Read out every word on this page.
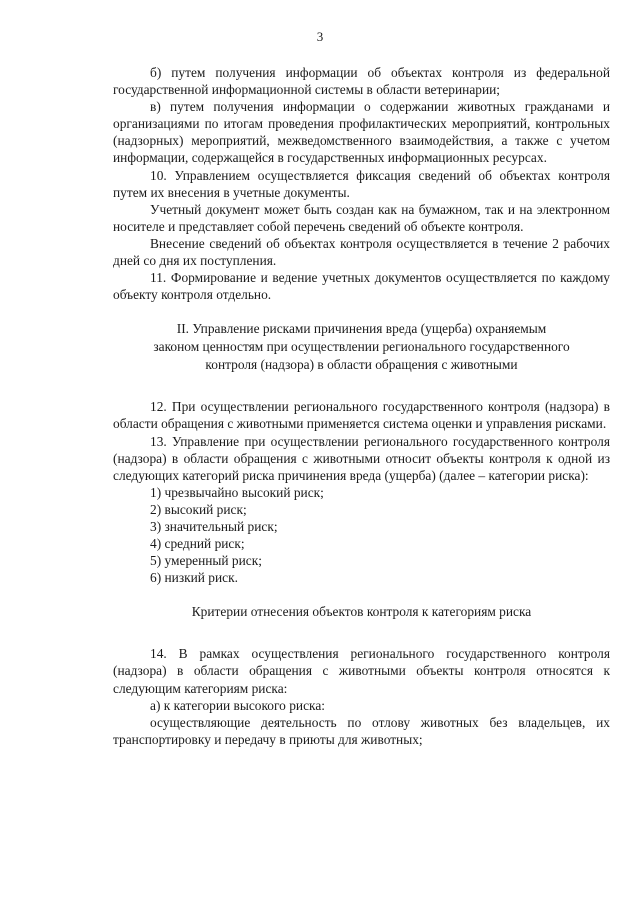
3

б) путем получения информации об объектах контроля из федеральной государственной информационной системы в области ветеринарии;

в) путем получения информации о содержании животных гражданами и организациями по итогам проведения профилактических мероприятий, контрольных (надзорных) мероприятий, межведомственного взаимодействия, а также с учетом информации, содержащейся в государственных информационных ресурсах.

10. Управлением осуществляется фиксация сведений об объектах контроля путем их внесения в учетные документы.

Учетный документ может быть создан как на бумажном, так и на электронном носителе и представляет собой перечень сведений об объекте контроля.

Внесение сведений об объектах контроля осуществляется в течение 2 рабочих дней со дня их поступления.

11. Формирование и ведение учетных документов осуществляется по каждому объекту контроля отдельно.

II. Управление рисками причинения вреда (ущерба) охраняемым
законом ценностям при осуществлении регионального государственного
контроля (надзора) в области обращения с животными

12. При осуществлении регионального государственного контроля (надзора) в области обращения с животными применяется система оценки и управления рисками.

13. Управление при осуществлении регионального государственного контроля (надзора) в области обращения с животными относит объекты контроля к одной из следующих категорий риска причинения вреда (ущерба) (далее – категории риска):

1) чрезвычайно высокий риск;

2) высокий риск;

3) значительный риск;

4) средний риск;

5) умеренный риск;

6) низкий риск.

Критерии отнесения объектов контроля к категориям риска

14. В рамках осуществления регионального государственного контроля (надзора) в области обращения с животными объекты контроля относятся к следующим категориям риска:

а) к категории высокого риска:

осуществляющие деятельность по отлову животных без владельцев, их транспортировку и передачу в приюты для животных;
